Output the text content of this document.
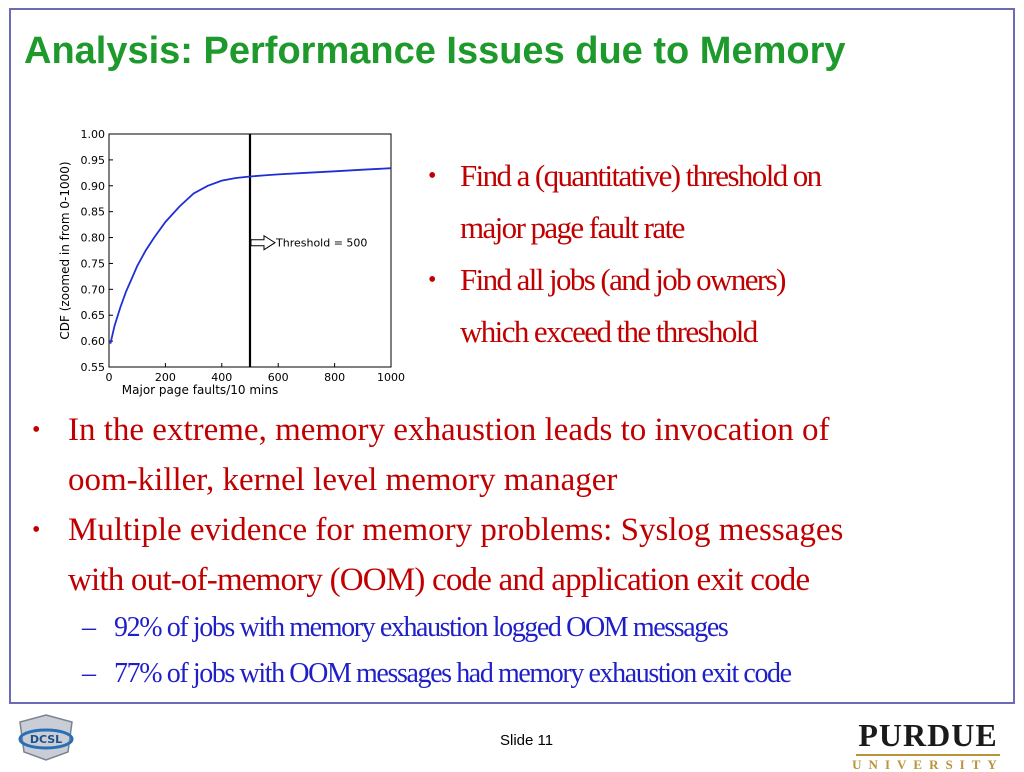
Analysis: Performance Issues due to Memory
0.55
0.60
0.65
0.70
0.75
0.80
0.85
0.90
0.95
1.00
0	200	400	600	800	1000
Threshold = 500
Major page faults/10 mins
CDF (zoomed in from 0-1000)	• Find a (quantitative) threshold on
major page fault rate
• Find all jobs (and job owners)
which exceed the threshold
• In the extreme, memory exhaustion leads to invocation of
oom-killer, kernel level memory manager
• Multiple evidence for memory problems: Syslog messages
with out-of-memory (OOM) code and application exit code
– 92% of jobs with memory exhaustion logged OOM messages
– 77% of jobs with OOM messages had memory exhaustion exit code
DCSL	Slide 11	PURDUE
UNIVERSITY
